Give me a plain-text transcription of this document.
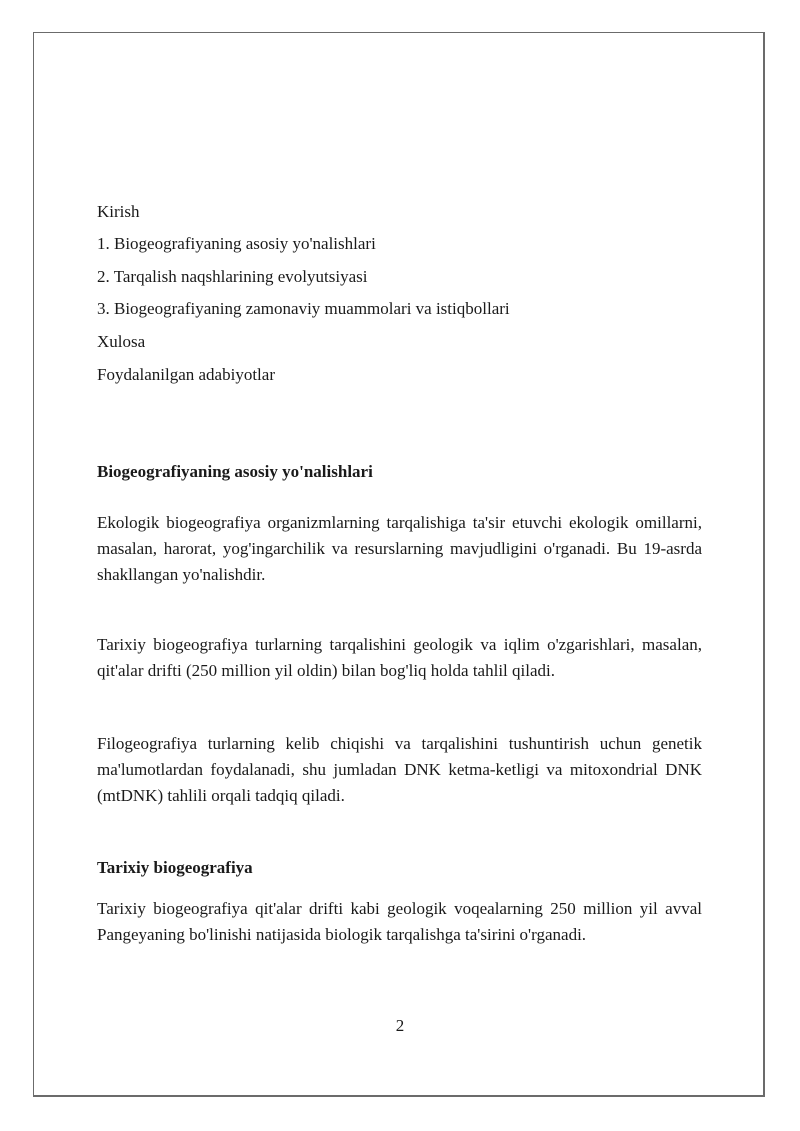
Kirish
1. Biogeografiyaning asosiy yo'nalishlari
2. Tarqalish naqshlarining evolyutsiyasi
3. Biogeografiyaning zamonaviy muammolari va istiqbollari
Xulosa
Foydalanilgan adabiyotlar
Biogeografiyaning asosiy yo'nalishlari
Ekologik biogeografiya organizmlarning tarqalishiga ta'sir etuvchi ekologik omillarni, masalan, harorat, yog'ingarchilik va resurslarning mavjudligini o'rganadi. Bu 19-asrda shakllangan yo'nalishdir.
Tarixiy biogeografiya turlarning tarqalishini geologik va iqlim o'zgarishlari, masalan, qit'alar drifti (250 million yil oldin) bilan bog'liq holda tahlil qiladi.
Filogeografiya turlarning kelib chiqishi va tarqalishini tushuntirish uchun genetik ma'lumotlardan foydalanadi, shu jumladan DNK ketma-ketligi va mitoxondrial DNK (mtDNK) tahlili orqali tadqiq qiladi.
Tarixiy biogeografiya
Tarixiy biogeografiya qit'alar drifti kabi geologik voqealarning 250 million yil avval Pangeyaning bo'linishi natijasida biologik tarqalishga ta'sirini o'rganadi.
2
